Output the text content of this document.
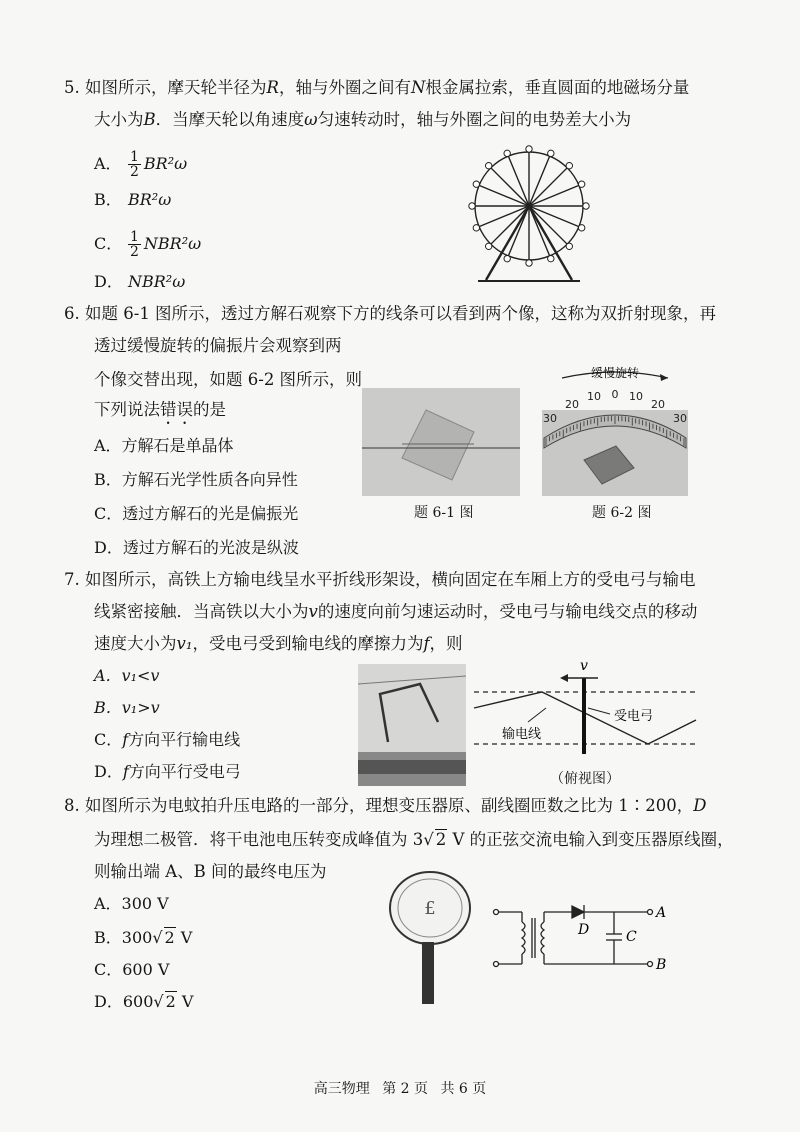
5. 如图所示，摩天轮半径为R，轴与外圈之间有N根金属拉索，垂直圆面的地磁场分量
大小为B．当摩天轮以角速度ω匀速转动时，轴与外圈之间的电势差大小为
A． $\frac{1}{2} BR^2\omega$
B． BR²ω
C． $\frac{1}{2} NBR^2\omega$
D． NBR²ω
6. 如题 6-1 图所示，透过方解石观察下方的线条可以看到两个像，这称为双折射现象，再
透过缓慢旋转的偏振片会观察到两
个像交替出现，如题 6-2 图所示，则
下列说法错误的是
A．方解石是单晶体
B．方解石光学性质各向异性
C．透过方解石的光是偏振光
D．透过方解石的光波是纵波
题 6-1 图
缓慢旋转
30
20
10 0 10
20
30
题 6-2 图
7. 如图所示，高铁上方输电线呈水平折线形架设，横向固定在车厢上方的受电弓与输电
线紧密接触．当高铁以大小为v的速度向前匀速运动时，受电弓与输电线交点的移动
速度大小为v₁，受电弓受到输电线的摩擦力为f，则
A．v₁<v
B．v₁>v
C．f方向平行输电线
D．f方向平行受电弓
v
输电线
受电弓
（俯视图）
8. 如图所示为电蚊拍升压电路的一部分，理想变压器原、副线圈匝数之比为 1∶200，D
为理想二极管．将干电池电压转变成峰值为 3√ 2 V 的正弦交流电输入到变压器原线圈，
则输出端 A、B 间的最终电压为
A．300 V
B．300√ 2 V
C．600 V
D．600√ 2 V
£
D	C
A
B
高三物理 第 2 页 共 6 页
